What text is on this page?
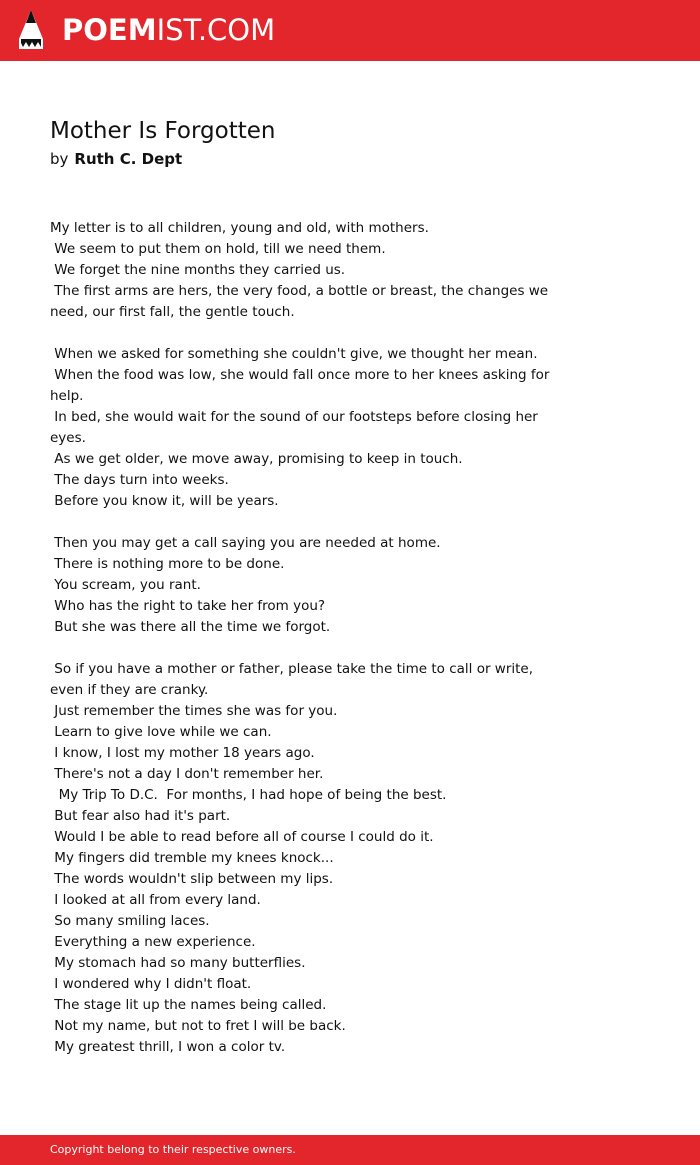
POEMIST.COM
Mother Is Forgotten
by Ruth C. Dept
My letter is to all children, young and old, with mothers.
We seem to put them on hold, till we need them.
We forget the nine months they carried us.
The first arms are hers, the very food, a bottle or breast, the changes we
need, our first fall, the gentle touch.
When we asked for something she couldn't give, we thought her mean.
When the food was low, she would fall once more to her knees asking for
help.
In bed, she would wait for the sound of our footsteps before closing her
eyes.
As we get older, we move away, promising to keep in touch.
The days turn into weeks.
Before you know it, will be years.
Then you may get a call saying you are needed at home.
There is nothing more to be done.
You scream, you rant.
Who has the right to take her from you?
But she was there all the time we forgot.
So if you have a mother or father, please take the time to call or write,
even if they are cranky.
Just remember the times she was for you.
Learn to give love while we can.
I know, I lost my mother 18 years ago.
There's not a day I don't remember her.
My Trip To D.C.  For months, I had hope of being the best.
But fear also had it's part.
Would I be able to read before all of course I could do it.
My fingers did tremble my knees knock...
The words wouldn't slip between my lips.
I looked at all from every land.
So many smiling laces.
Everything a new experience.
My stomach had so many butterflies.
I wondered why I didn't float.
The stage lit up the names being called.
Not my name, but not to fret I will be back.
My greatest thrill, I won a color tv.
Copyright belong to their respective owners.
